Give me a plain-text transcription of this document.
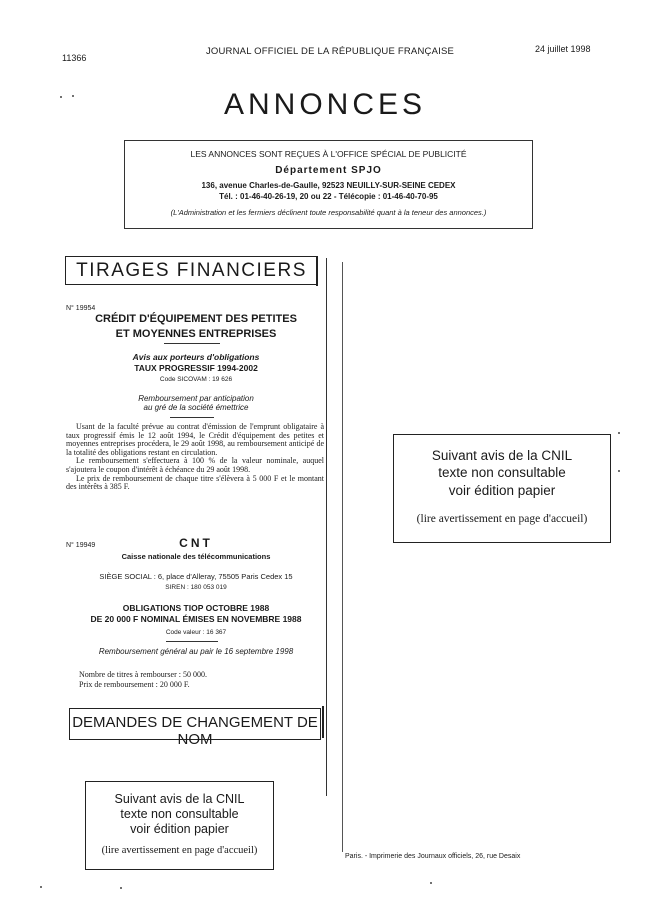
11366
JOURNAL OFFICIEL DE LA RÉPUBLIQUE FRANÇAISE	24 juillet 1998
ANNONCES
LES ANNONCES SONT REÇUES À L'OFFICE SPÉCIAL DE PUBLICITÉ
Département SPJO
136, avenue Charles-de-Gaulle, 92523 NEUILLY-SUR-SEINE CEDEX
Tél. : 01-46-40-26-19, 20 ou 22 - Télécopie : 01-46-40-70-95
(L'Administration et les fermiers déclinent toute responsabilité quant à la teneur des annonces.)
TIRAGES FINANCIERS
N° 19954
CRÉDIT D'ÉQUIPEMENT DES PETITES
ET MOYENNES ENTREPRISES
Avis aux porteurs d'obligations
TAUX PROGRESSIF 1994-2002
Code SICOVAM : 19 626
Remboursement par anticipation
au gré de la société émettrice

Usant de la faculté prévue au contrat d'émission de l'emprunt obligataire à taux progressif émis le 12 août 1994, le Crédit d'équipement des petites et moyennes entreprises procédera, le 29 août 1998, au remboursement anticipé de la totalité des obligations restant en circulation.

Le remboursement s'effectuera à 100 % de la valeur nominale, auquel s'ajoutera le coupon d'intérêt à échéance du 29 août 1998.

Le prix de remboursement de chaque titre s'élèvera à 5 000 F et le montant des intérêts à 385 F.

N° 19949	CNT
Caisse nationale des télécommunications
SIÈGE SOCIAL : 6, place d'Alleray, 75505 Paris Cedex 15
SIREN : 180 053 019
OBLIGATIONS TIOP OCTOBRE 1988
DE 20 000 F NOMINAL ÉMISES EN NOVEMBRE 1988
Code valeur : 16 367
Remboursement général au pair le 16 septembre 1998
Nombre de titres à rembourser : 50 000.
Prix de remboursement : 20 000 F.
DEMANDES DE CHANGEMENT DE NOM
Suivant avis de la CNIL
texte non consultable
voir édition papier
(lire avertissement en page d'accueil)
Suivant avis de la CNIL
texte non consultable
voir édition papier
(lire avertissement en page d'accueil)
Paris. - Imprimerie des Journaux officiels, 26, rue Desaix
